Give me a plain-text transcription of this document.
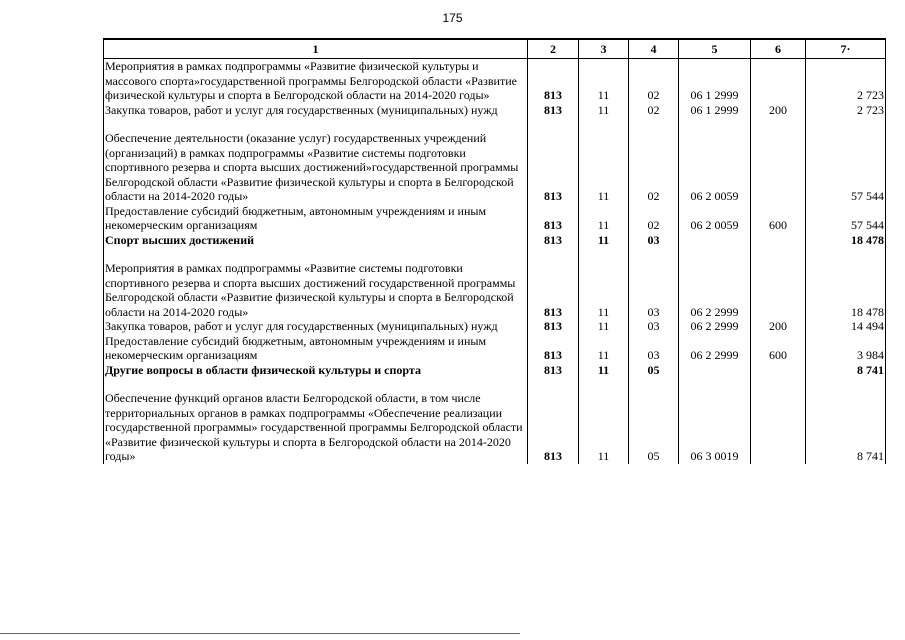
175
1	2	3	4	5	6	7·
Мероприятия в рамках подпрограммы «Развитие физической культуры и массового спорта»государственной программы Белгородской области «Развитие физической культуры и спорта в Белгородской области на 2014-2020 годы»	813	11	02	06 1 2999		2 723
Закупка товаров, работ и услуг для государственных (муниципальных) нужд	813	11	02	06 1 2999	200	2 723
Обеспечение деятельности (оказание услуг) государственных учреждений (организаций) в рамках подпрограммы «Развитие системы подготовки спортивного резерва и спорта высших достижений»государственной программы Белгородской области «Развитие физической культуры и спорта в Белгородской области на 2014-2020 годы»	813	11	02	06 2 0059		57 544
Предоставление субсидий бюджетным, автономным учреждениям и иным некомерческим организациям	813	11	02	06 2 0059	600	57 544
Спорт высших достижений	813	11	03			18 478
Мероприятия в рамках подпрограммы «Развитие системы подготовки спортивного резерва и спорта высших достижений государственной программы Белгородской области «Развитие физической культуры и спорта в Белгородской области на 2014-2020 годы»	813	11	03	06 2 2999		18 478
Закупка товаров, работ и услуг для государственных (муниципальных) нужд	813	11	03	06 2 2999	200	14 494
Предоставление субсидий бюджетным, автономным учреждениям и иным некомерческим организациям	813	11	03	06 2 2999	600	3 984
Другие вопросы в области физической культуры и спорта	813	11	05			8 741
Обеспечение функций органов власти Белгородской области, в том числе территориальных органов в рамках подпрограммы «Обеспечение реализации государственной программы» государственной программы Белгородской области «Развитие физической культуры и спорта в Белгородской области на 2014-2020 годы»	813	11	05	06 3 0019		8 741
